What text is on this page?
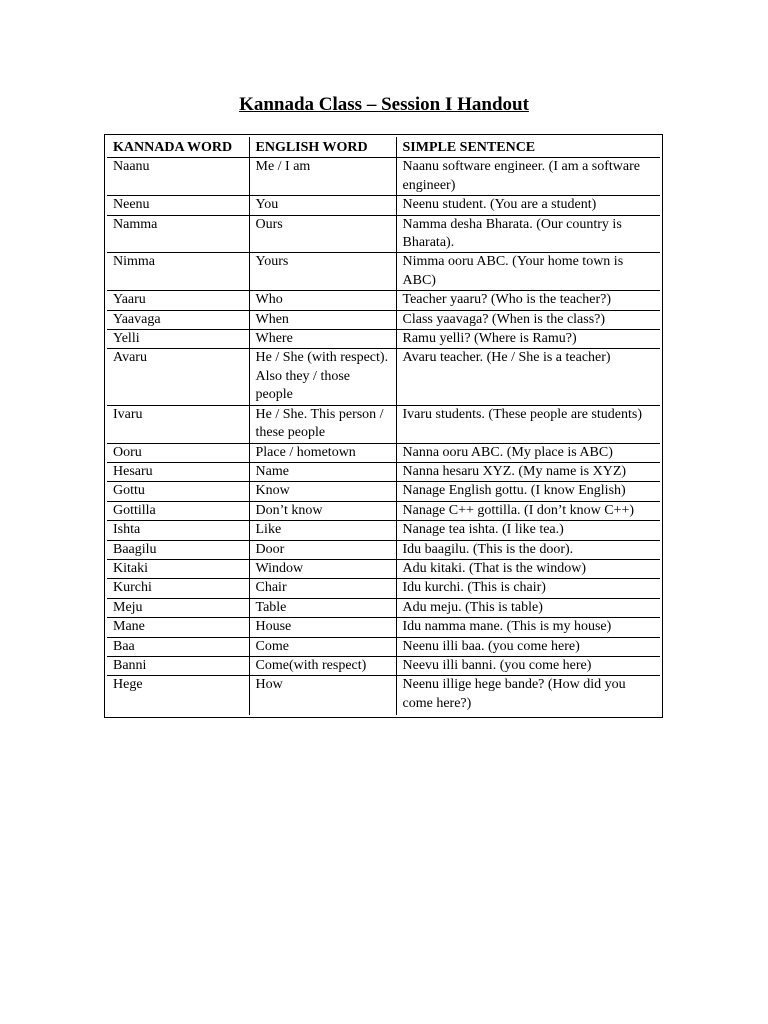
Kannada Class – Session I Handout
KANNADA WORD	ENGLISH WORD	SIMPLE SENTENCE
Naanu	Me / I am	Naanu software engineer. (I am a software engineer)
Neenu	You	Neenu student. (You are a student)
Namma	Ours	Namma desha Bharata. (Our country is Bharata).
Nimma	Yours	Nimma ooru ABC. (Your home town is ABC)
Yaaru	Who	Teacher yaaru? (Who is the teacher?)
Yaavaga	When	Class yaavaga? (When is the class?)
Yelli	Where	Ramu yelli? (Where is Ramu?)
Avaru	He / She (with respect). Also they / those people	Avaru teacher. (He / She is a teacher)
Ivaru	He / She. This person / these people	Ivaru students. (These people are students)
Ooru	Place / hometown	Nanna ooru ABC. (My place is ABC)
Hesaru	Name	Nanna hesaru XYZ. (My name is XYZ)
Gottu	Know	Nanage English gottu. (I know English)
Gottilla	Don’t know	Nanage C++ gottilla. (I don’t know C++)
Ishta	Like	Nanage tea ishta. (I like tea.)
Baagilu	Door	Idu baagilu. (This is the door).
Kitaki	Window	Adu kitaki. (That is the window)
Kurchi	Chair	Idu kurchi. (This is chair)
Meju	Table	Adu meju. (This is table)
Mane	House	Idu namma mane. (This is my house)
Baa	Come	Neenu illi baa. (you come here)
Banni	Come(with respect)	Neevu illi banni. (you come here)
Hege	How	Neenu illige hege bande? (How did you come here?)
